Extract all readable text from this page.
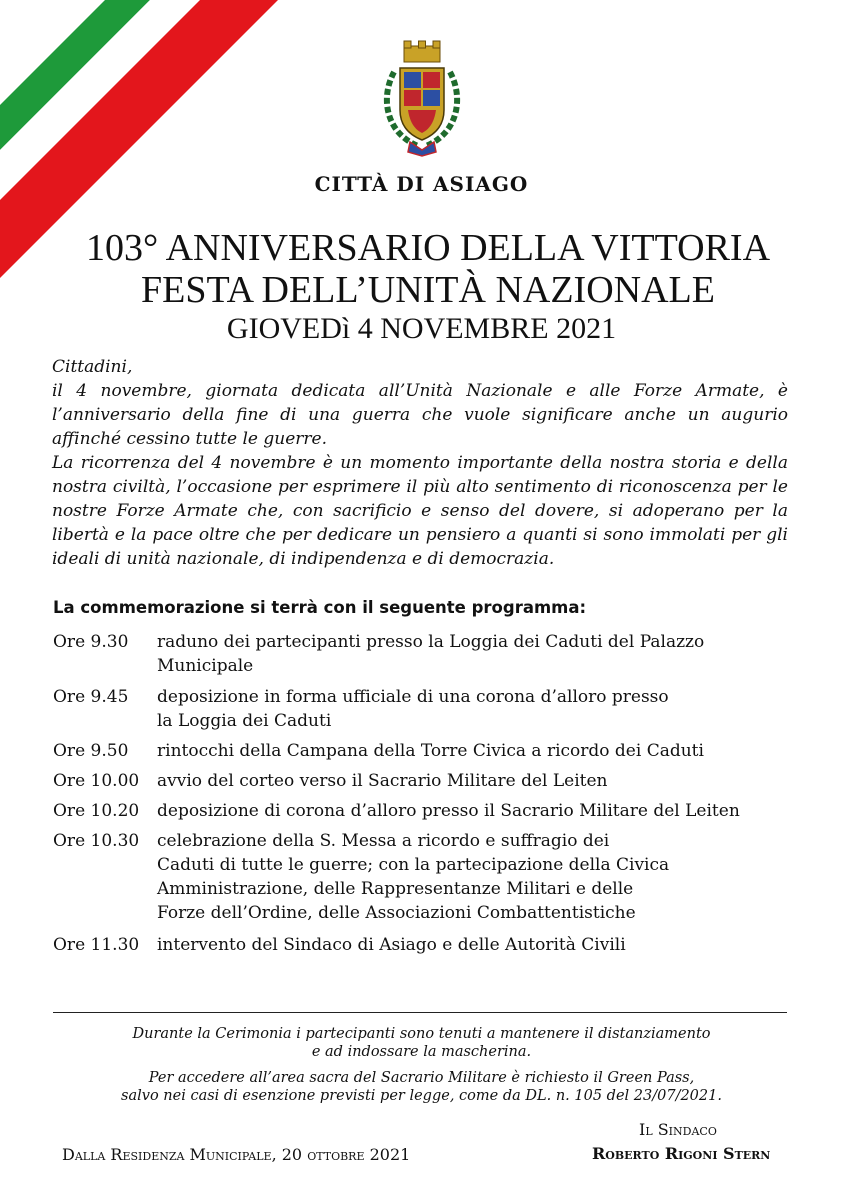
CITTÀ DI ASIAGO
103° ANNIVERSARIO DELLA VITTORIA
FESTA DELL’UNITÀ NAZIONALE
GIOVEDì 4 NOVEMBRE 2021

Cittadini,

il 4 novembre, giornata dedicata all’Unità Nazionale e alle Forze Armate, è l’anniversario della fine di una guerra che vuole significare anche un augurio affinché cessino tutte le guerre.

La ricorrenza del 4 novembre è un momento importante della nostra storia e della nostra civiltà, l’occasione per esprimere il più alto sentimento di riconoscenza per le nostre Forze Armate che, con sacrificio e senso del dovere, si adoperano per la libertà e la pace oltre che per dedicare un pensiero a quanti si sono immolati per gli ideali di unità nazionale, di indipendenza e di democrazia.

La commemorazione si terrà con il seguente programma:
Ore 9.30	raduno dei partecipanti presso la Loggia dei Caduti del Palazzo
Municipale
Ore 9.45	deposizione in forma ufficiale di una corona d’alloro presso
la Loggia dei Caduti
Ore 9.50	rintocchi della Campana della Torre Civica a ricordo dei Caduti
Ore 10.00	avvio del corteo verso il Sacrario Militare del Leiten
Ore 10.20	deposizione di corona d’alloro presso il Sacrario Militare del Leiten
Ore 10.30	celebrazione della S. Messa a ricordo e suffragio dei
Caduti di tutte le guerre; con la partecipazione della Civica
Amministrazione, delle Rappresentanze Militari e delle
Forze dell’Ordine, delle Associazioni Combattentistiche
Ore 11.30	intervento del Sindaco di Asiago e delle Autorità Civili
Durante la Cerimonia i partecipanti sono tenuti a mantenere il distanziamento
e ad indossare la mascherina.
Per accedere all’area sacra del Sacrario Militare è richiesto il Green Pass,
salvo nei casi di esenzione previsti per legge, come da DL. n. 105 del 23/07/2021.
Dalla Residenza Municipale, 20 ottobre 2021
Il Sindaco
Roberto Rigoni Stern
